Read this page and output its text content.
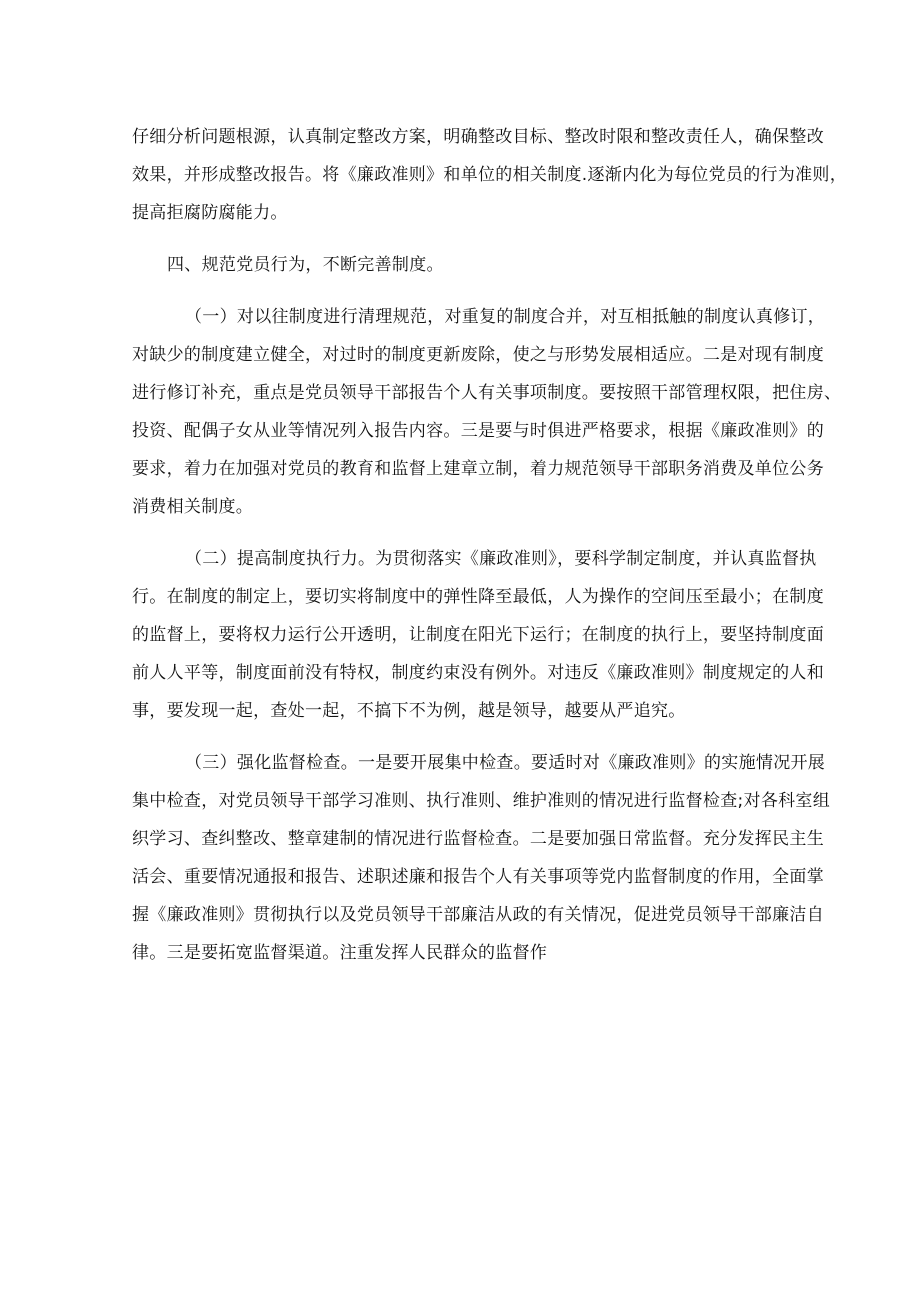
仔细分析问题根源，认真制定整改方案，明确整改目标、整改时限和整改责任人，确保整改
效果，并形成整改报告。将《廉政准则》和单位的相关制度.逐渐内化为每位党员的行为准则，
提高拒腐防腐能力。
四、规范党员行为，不断完善制度。
（一）对以往制度进行清理规范，对重复的制度合并，对互相抵触的制度认真修订，
对缺少的制度建立健全，对过时的制度更新废除，使之与形势发展相适应。二是对现有制度
进行修订补充，重点是党员领导干部报告个人有关事项制度。要按照干部管理权限，把住房、
投资、配偶子女从业等情况列入报告内容。三是要与时俱进严格要求，根据《廉政准则》的
要求，着力在加强对党员的教育和监督上建章立制，着力规范领导干部职务消费及单位公务
消费相关制度。
（二）提高制度执行力。为贯彻落实《廉政准则》，要科学制定制度，并认真监督执
行。在制度的制定上，要切实将制度中的弹性降至最低，人为操作的空间压至最小；在制度
的监督上，要将权力运行公开透明，让制度在阳光下运行；在制度的执行上，要坚持制度面
前人人平等，制度面前没有特权，制度约束没有例外。对违反《廉政准则》制度规定的人和
事，要发现一起，查处一起，不搞下不为例，越是领导，越要从严追究。
（三）强化监督检查。一是要开展集中检查。要适时对《廉政准则》的实施情况开展
集中检查，对党员领导干部学习准则、执行准则、维护准则的情况进行监督检查;对各科室组
织学习、查纠整改、整章建制的情况进行监督检查。二是要加强日常监督。充分发挥民主生
活会、重要情况通报和报告、述职述廉和报告个人有关事项等党内监督制度的作用，全面掌
握《廉政准则》贯彻执行以及党员领导干部廉洁从政的有关情况，促进党员领导干部廉洁自
律。三是要拓宽监督渠道。注重发挥人民群众的监督作
